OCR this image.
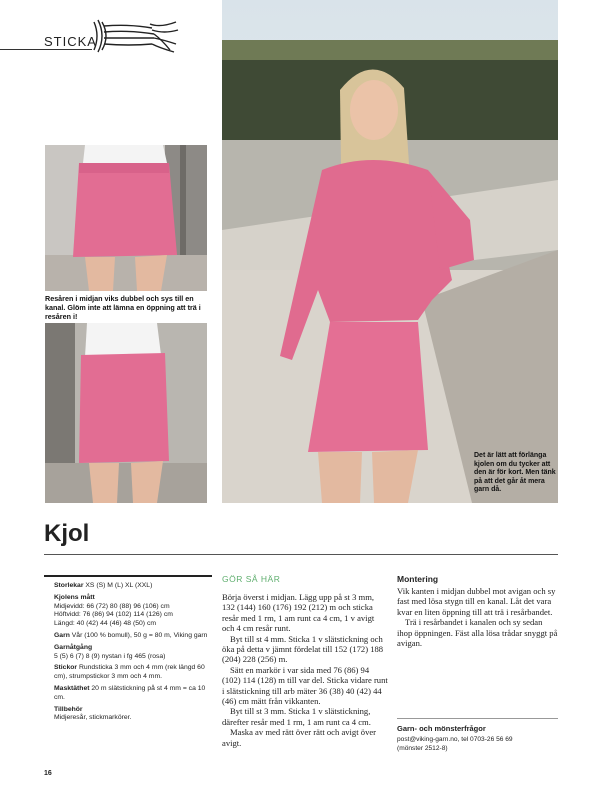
STICKA
Resåren i midjan viks dubbel och sys till en kanal. Glöm inte att lämna en öppning att trä i resåren i!
Det är lätt att förlänga kjolen om du tycker att den är för kort. Men tänk på att det går åt mera garn då.
Kjol

Storlekar XS (S) M (L) XL (XXL)

Kjolens mått
Midjevidd: 66 (72) 80 (88) 96 (106) cm
Höftvidd: 76 (86) 94 (102) 114 (126) cm

Längd: 40 (42) 44 (46) 48 (50) cm

Garn Vår (100 % bomull), 50 g = 80 m, Viking garn

Garnåtgång

5 (5) 6 (7) 8 (9) nystan i fg 465 (rosa)

Stickor Rundsticka 3 mm och 4 mm (rek längd 60 cm), strumpstickor 3 mm och 4 mm.

Masktäthet 20 m slätstickning på st 4 mm = ca 10 cm.

Tillbehör
Midjeresår, stickmarkörer.
GÖR SÅ HÄR

Börja överst i midjan. Lägg upp på st 3 mm, 132 (144) 160 (176) 192 (212) m och sticka resår med 1 rm, 1 am runt ca 4 cm, 1 v avigt och 4 cm resår runt.

Byt till st 4 mm. Sticka 1 v slätstickning och öka på detta v jämnt fördelat till 152 (172) 188 (204) 228 (256) m.

Sätt en markör i var sida med 76 (86) 94 (102) 114 (128) m till var del. Sticka vidare runt i slätstickning till arb mäter 36 (38) 40 (42) 44 (46) cm mätt från vikkanten.

Byt till st 3 mm. Sticka 1 v slätstickning, därefter resår med 1 rm, 1 am runt ca 4 cm.

Maska av med rätt över rätt och avigt över avigt.

Montering

Vik kanten i midjan dubbel mot avigan och sy fast med lösa stygn till en kanal. Låt det vara kvar en liten öppning till att trä i resårbandet.

Trä i resårbandet i kanalen och sy sedan ihop öppningen. Fäst alla lösa trådar snyggt på avigan.

Garn- och mönsterfrågor
post@viking-garn.no, tel 0703-26 56 69
(mönster 2512-8)
16
